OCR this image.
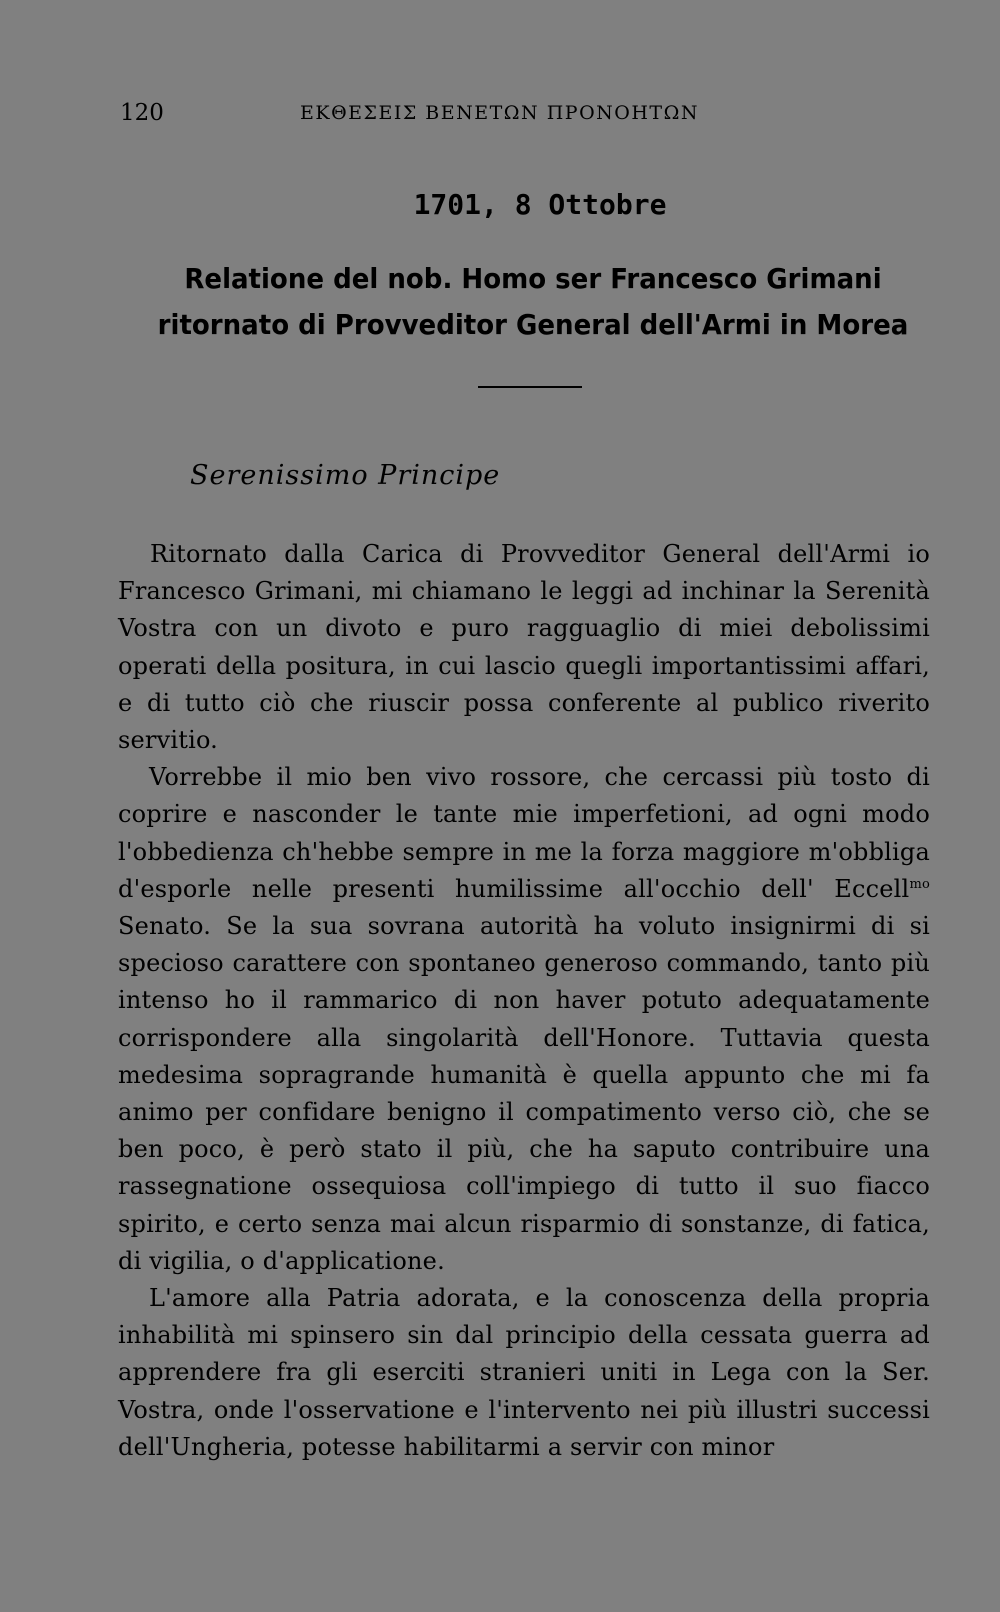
120	ΕΚΘΕΣΕΙΣ ΒΕΝΕΤΩΝ ΠΡΟΝΟΗΤΩΝ
1701, 8 Ottobre
Relatione del nob. Homo ser Francesco Grimani
ritornato di Provveditor General dell'Armi in Morea
Serenissimo Principe

Ritornato dalla Carica di Provveditor General dell'Armi io Francesco Grimani, mi chiamano le leggi ad inchinar la Serenità Vostra con un divoto e puro ragguaglio di miei debolissimi operati della positura, in cui lascio quegli importantissimi affari, e di tutto ciò che riuscir possa conferente al publico riverito servitio.

Vorrebbe il mio ben vivo rossore, che cercassi più tosto di coprire e nasconder le tante mie imperfetioni, ad ogni modo l'obbedienza ch'hebbe sempre in me la forza maggiore m'obbliga d'esporle nelle presenti humilissime all'occhio dell' Eccell$^{mo}$ Senato. Se la sua sovrana autorità ha voluto insignirmi di si specioso carattere con spontaneo generoso commando, tanto più intenso ho il rammarico di non haver potuto adequatamente corrispondere alla singolarità dell'Honore. Tuttavia questa medesima sopragrande humanità è quella appunto che mi fa animo per confidare benigno il compatimento verso ciò, che se ben poco, è però stato il più, che ha saputo contribuire una rassegnatione ossequiosa coll'impiego di tutto il suo fiacco spirito, e certo senza mai alcun risparmio di sonstanze, di fatica, di vigilia, o d'applicatione.

L'amore alla Patria adorata, e la conoscenza della propria inhabilità mi spinsero sin dal principio della cessata guerra ad apprendere fra gli eserciti stranieri uniti in Lega con la Ser. Vostra, onde l'osservatione e l'intervento nei più illustri successi dell'Ungheria, potesse habilitarmi a servir con minor
